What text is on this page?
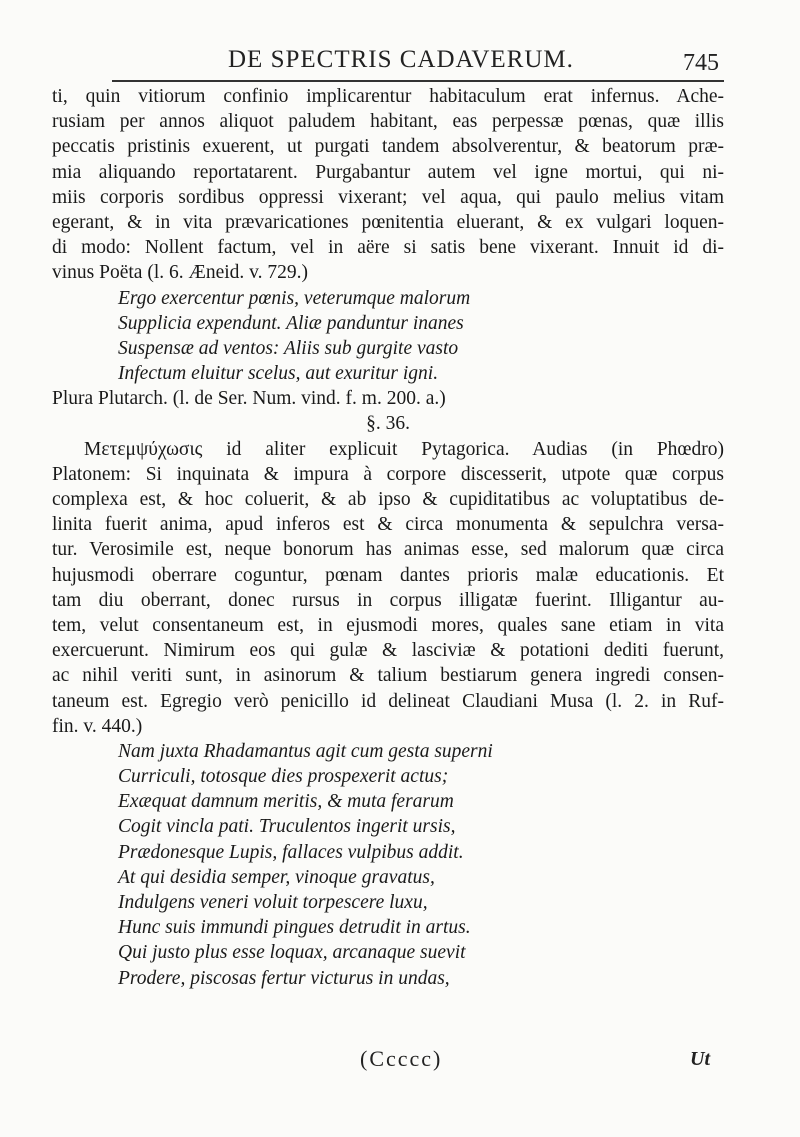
DE SPECTRIS CADAVERUM.	745
ti, quin vitiorum confinio implicarentur habitaculum erat infernus. Ache-
rusiam per annos aliquot paludem habitant, eas perpessæ pœnas, quæ illis
peccatis pristinis exuerent, ut purgati tandem absolverentur, & beatorum præ-
mia aliquando reportatarent. Purgabantur autem vel igne mortui, qui ni-
miis corporis sordibus oppressi vixerant; vel aqua, qui paulo melius vitam
egerant, & in vita prævaricationes pœnitentia eluerant, & ex vulgari loquen-
di modo: Nollent factum, vel in aëre si satis bene vixerant. Innuit id di-
vinus Poëta (l. 6. Æneid. v. 729.)
Ergo exercentur pœnis, veterumque malorum
Supplicia expendunt. Aliæ panduntur inanes
Suspensæ ad ventos: Aliis sub gurgite vasto
Infectum eluitur scelus, aut exuritur igni.
Plura Plutarch. (l. de Ser. Num. vind. f. m. 200. a.)
§. 36.
Μετεμψύχωσις id aliter explicuit Pytagorica. Audias (in Phœdro)
Platonem: Si inquinata & impura à corpore discesserit, utpote quæ corpus
complexa est, & hoc coluerit, & ab ipso & cupiditatibus ac voluptatibus de-
linita fuerit anima, apud inferos est & circa monumenta & sepulchra versa-
tur. Verosimile est, neque bonorum has animas esse, sed malorum quæ circa
hujusmodi oberrare coguntur, pœnam dantes prioris malæ educationis. Et
tam diu oberrant, donec rursus in corpus illigatæ fuerint. Illigantur au-
tem, velut consentaneum est, in ejusmodi mores, quales sane etiam in vita
exercuerunt. Nimirum eos qui gulæ & lasciviæ & potationi dediti fuerunt,
ac nihil veriti sunt, in asinorum & talium bestiarum genera ingredi consen-
taneum est. Egregio verò penicillo id delineat Claudiani Musa (l. 2. in Ruf-
fin. v. 440.)
Nam juxta Rhadamantus agit cum gesta superni
Curriculi, totosque dies prospexerit actus;
Exæquat damnum meritis, & muta ferarum
Cogit vincla pati. Truculentos ingerit ursis,
Prædonesque Lupis, fallaces vulpibus addit.
At qui desidia semper, vinoque gravatus,
Indulgens veneri voluit torpescere luxu,
Hunc suis immundi pingues detrudit in artus.
Qui justo plus esse loquax, arcanaque suevit
Prodere, piscosas fertur victurus in undas,
(Ccccc)	Ut
